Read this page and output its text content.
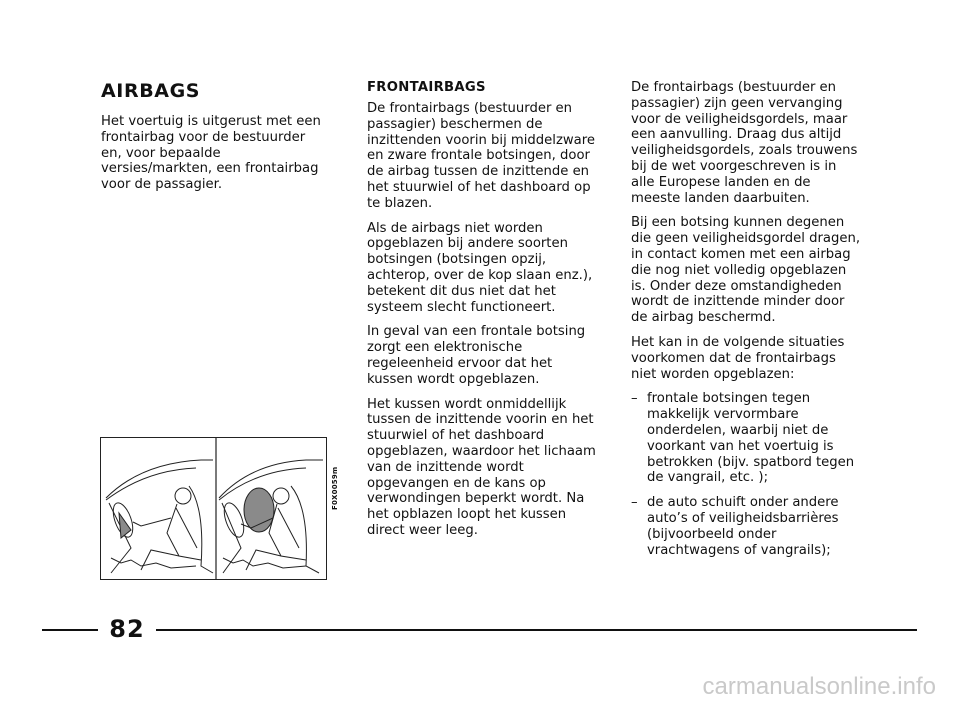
AIRBAGS

Het voertuig is uitgerust met een frontairbag voor de bestuurder en, voor bepaalde versies/markten, een frontairbag voor de passagier.

F0X0059m
FRONTAIRBAGS

De frontairbags (bestuurder en passagier) beschermen de inzittenden voorin bij middelzware en zware frontale botsingen, door de airbag tussen de inzittende en het stuurwiel of het dashboard op te blazen.

Als de airbags niet worden opgeblazen bij andere soorten botsingen (botsingen opzij, achterop, over de kop slaan enz.), betekent dit dus niet dat het systeem slecht functioneert.

In geval van een frontale botsing zorgt een elektronische regeleenheid ervoor dat het kussen wordt opgeblazen.

Het kussen wordt onmiddellijk tussen de inzittende voorin en het stuurwiel of het dashboard opgeblazen, waardoor het lichaam van de inzittende wordt opgevangen en de kans op verwondingen beperkt wordt. Na het opblazen loopt het kussen direct weer leeg.

De frontairbags (bestuurder en passagier) zijn geen vervanging voor de veiligheidsgordels, maar een aanvulling. Draag dus altijd veiligheidsgordels, zoals trouwens bij de wet voorgeschreven is in alle Europese landen en de meeste landen daarbuiten.

Bij een botsing kunnen degenen die geen veiligheidsgordel dragen, in contact komen met een airbag die nog niet volledig opgeblazen is. Onder deze omstandigheden wordt de inzittende minder door de airbag beschermd.

Het kan in de volgende situaties voorkomen dat de frontairbags niet worden opgeblazen:

– frontale botsingen tegen makkelijk vervormbare onderdelen, waarbij niet de voorkant van het voertuig is betrokken (bijv. spatbord tegen de vangrail, etc. );
– de auto schuift onder andere auto’s of veiligheidsbarrières (bijvoorbeeld onder vrachtwagens of vangrails);
82
carmanualsonline.info
